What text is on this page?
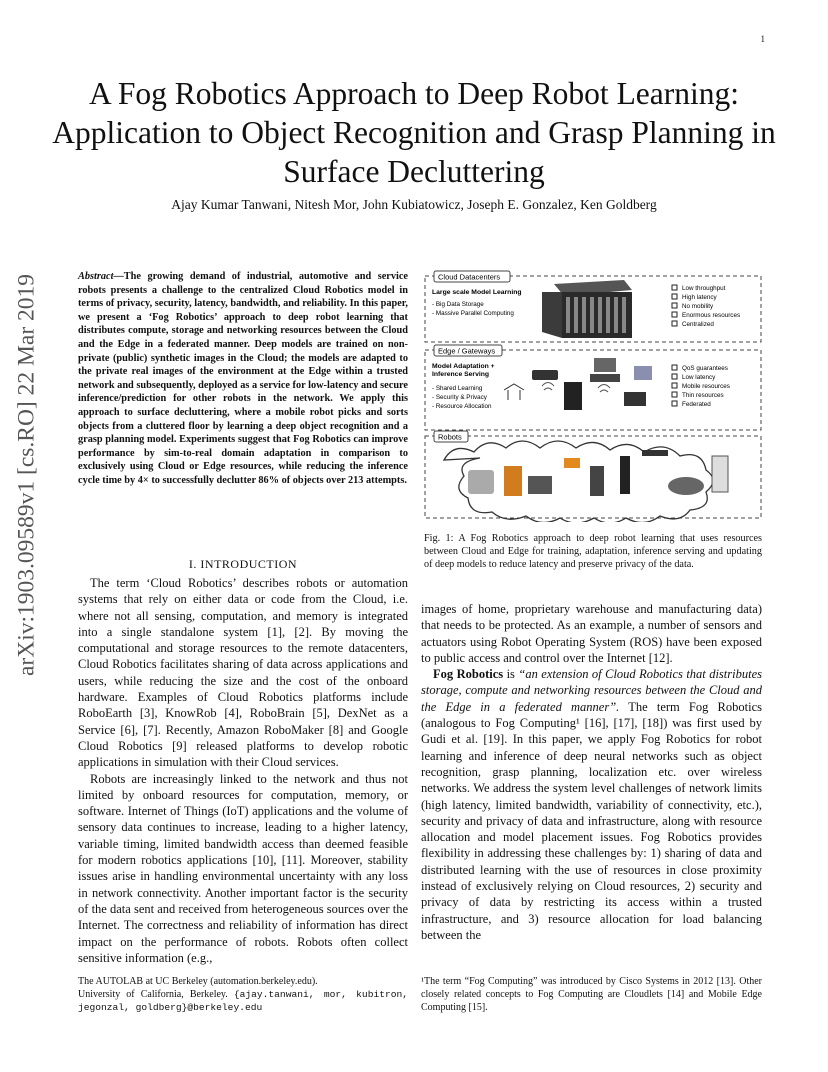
1
A Fog Robotics Approach to Deep Robot Learning: Application to Object Recognition and Grasp Planning in Surface Decluttering
Ajay Kumar Tanwani, Nitesh Mor, John Kubiatowicz, Joseph E. Gonzalez, Ken Goldberg
arXiv:1903.09589v1 [cs.RO] 22 Mar 2019	Abstract—The growing demand of industrial, automotive and service robots presents a challenge to the centralized Cloud Robotics model in terms of privacy, security, latency, bandwidth, and reliability. In this paper, we present a ‘Fog Robotics’ approach to deep robot learning that distributes compute, storage and networking resources between the Cloud and the Edge in a federated manner. Deep models are trained on non-private (public) synthetic images in the Cloud; the models are adapted to the private real images of the environment at the Edge within a trusted network and subsequently, deployed as a service for low-latency and secure inference/prediction for other robots in the network. We apply this approach to surface decluttering, where a mobile robot picks and sorts objects from a cluttered floor by learning a deep object recognition and a grasp planning model. Experiments suggest that Fog Robotics can improve performance by sim-to-real domain adaptation in comparison to exclusively using Cloud or Edge resources, while reducing the inference cycle time by 4× to successfully declutter 86% of objects over 213 attempts.
I. INTRODUCTION

The term ‘Cloud Robotics’ describes robots or automation systems that rely on either data or code from the Cloud, i.e. where not all sensing, computation, and memory is integrated into a single standalone system [1], [2]. By moving the computational and storage resources to the remote datacenters, Cloud Robotics facilitates sharing of data across applications and users, while reducing the size and the cost of the onboard hardware. Examples of Cloud Robotics platforms include RoboEarth [3], KnowRob [4], RoboBrain [5], DexNet as a Service [6], [7]. Recently, Amazon RoboMaker [8] and Google Cloud Robotics [9] released platforms to develop robotic applications in simulation with their Cloud services.

Robots are increasingly linked to the network and thus not limited by onboard resources for computation, memory, or software. Internet of Things (IoT) applications and the volume of sensory data continues to increase, leading to a higher latency, variable timing, limited bandwidth access than deemed feasible for modern robotics applications [10], [11]. Moreover, stability issues arise in handling environmental uncertainty with any loss in network connectivity. Another important factor is the security of the data sent and received from heterogeneous sources over the Internet. The correctness and reliability of information has direct impact on the performance of robots. Robots often collect sensitive information (e.g.,

Cloud Datacenters
Large scale Model Learning
- Big Data Storage
- Massive Parallel Computing
Low throughput
High latency
No mobility
Enormous resources
Centralized
Edge / Gateways
Model Adaptation +
Inference Serving
- Shared Learning
- Security & Privacy
- Resource Allocation
QoS guarantees
Low latency
Mobile resources
Thin resources
Federated
Robots
Fig. 1: A Fog Robotics approach to deep robot learning that uses resources between Cloud and Edge for training, adaptation, inference serving and updating of deep models to reduce latency and preserve privacy of the data.

images of home, proprietary warehouse and manufacturing data) that needs to be protected. As an example, a number of sensors and actuators using Robot Operating System (ROS) have been exposed to public access and control over the Internet [12].

Fog Robotics is “an extension of Cloud Robotics that distributes storage, compute and networking resources between the Cloud and the Edge in a federated manner”. The term Fog Robotics (analogous to Fog Computing¹ [16], [17], [18]) was first used by Gudi et al. [19]. In this paper, we apply Fog Robotics for robot learning and inference of deep neural networks such as object recognition, grasp planning, localization etc. over wireless networks. We address the system level challenges of network limits (high latency, limited bandwidth, variability of connectivity, etc.), security and privacy of data and infrastructure, along with resource allocation and model placement issues. Fog Robotics provides flexibility in addressing these challenges by: 1) sharing of data and distributed learning with the use of resources in close proximity instead of exclusively relying on Cloud resources, 2) security and privacy of data by restricting its access within a trusted infrastructure, and 3) resource allocation for load balancing between the

The AUTOLAB at UC Berkeley (automation.berkeley.edu).
University of California, Berkeley. {ajay.tanwani, mor, kubitron, jegonzal, goldberg}@berkeley.edu
¹The term “Fog Computing” was introduced by Cisco Systems in 2012 [13]. Other closely related concepts to Fog Computing are Cloudlets [14] and Mobile Edge Computing [15].
